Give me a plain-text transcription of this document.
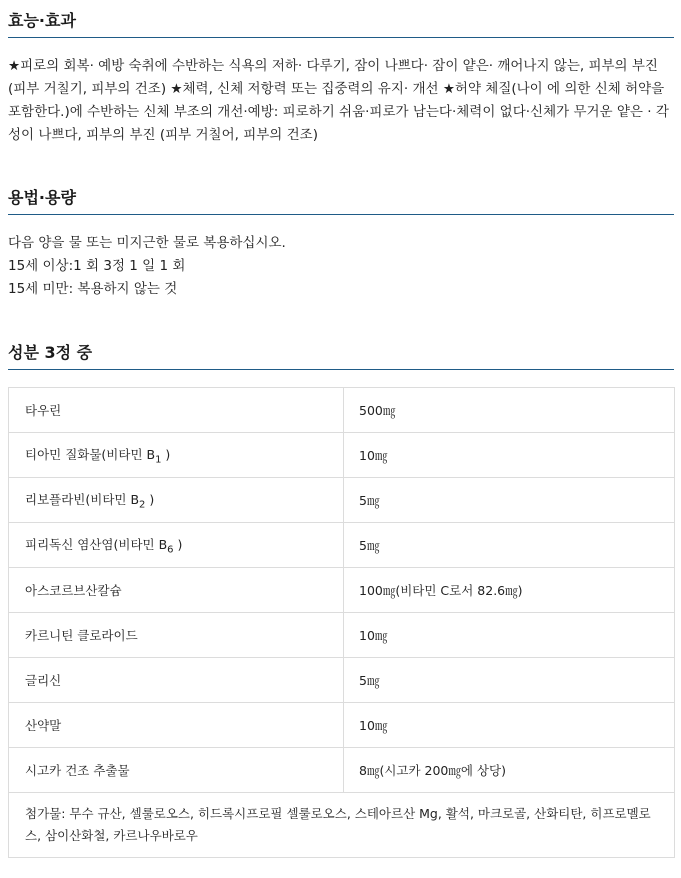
효능·효과
★피로의 회복· 예방 숙취에 수반하는 식욕의 저하· 다루기, 잠이 나쁘다· 잠이 얕은· 깨어나지 않는, 피부의 부진(피부 거칠기, 피부의 건조) ★체력, 신체 저항력 또는 집중력의 유지· 개선 ★허약 체질(나이 에 의한 신체 허약을 포함한다.)에 수반하는 신체 부조의 개선·예방: 피로하기 쉬움·피로가 남는다·체력이 없다·신체가 무거운 얕은 · 각성이 나쁘다, 피부의 부진 (피부 거칠어, 피부의 건조)
용법·용량
다음 양을 물 또는 미지근한 물로 복용하십시오.
15세 이상:1 회 3정 1 일 1 회
15세 미만: 복용하지 않는 것
성분 3정 중
타우린	500㎎
티아민 질화물(비타민 $B_1$ )	10㎎
리보플라빈(비타민 $B_2$ )	5㎎
피리독신 염산염(비타민 $B_6$ )	5㎎
아스코르브산칼슘	100㎎(비타민 C로서 82.6㎎)
카르니틴 클로라이드	10㎎
글리신	5㎎
산약말	10㎎
시고카 건조 추출물	8㎎(시고카 200㎎에 상당)
첨가물: 무수 규산, 셀룰로오스, 히드록시프로필 셀룰로오스, 스테아르산 Mg, 활석, 마크로골, 산화티탄, 히프로멜로스, 삼이산화철, 카르나우바로우	
